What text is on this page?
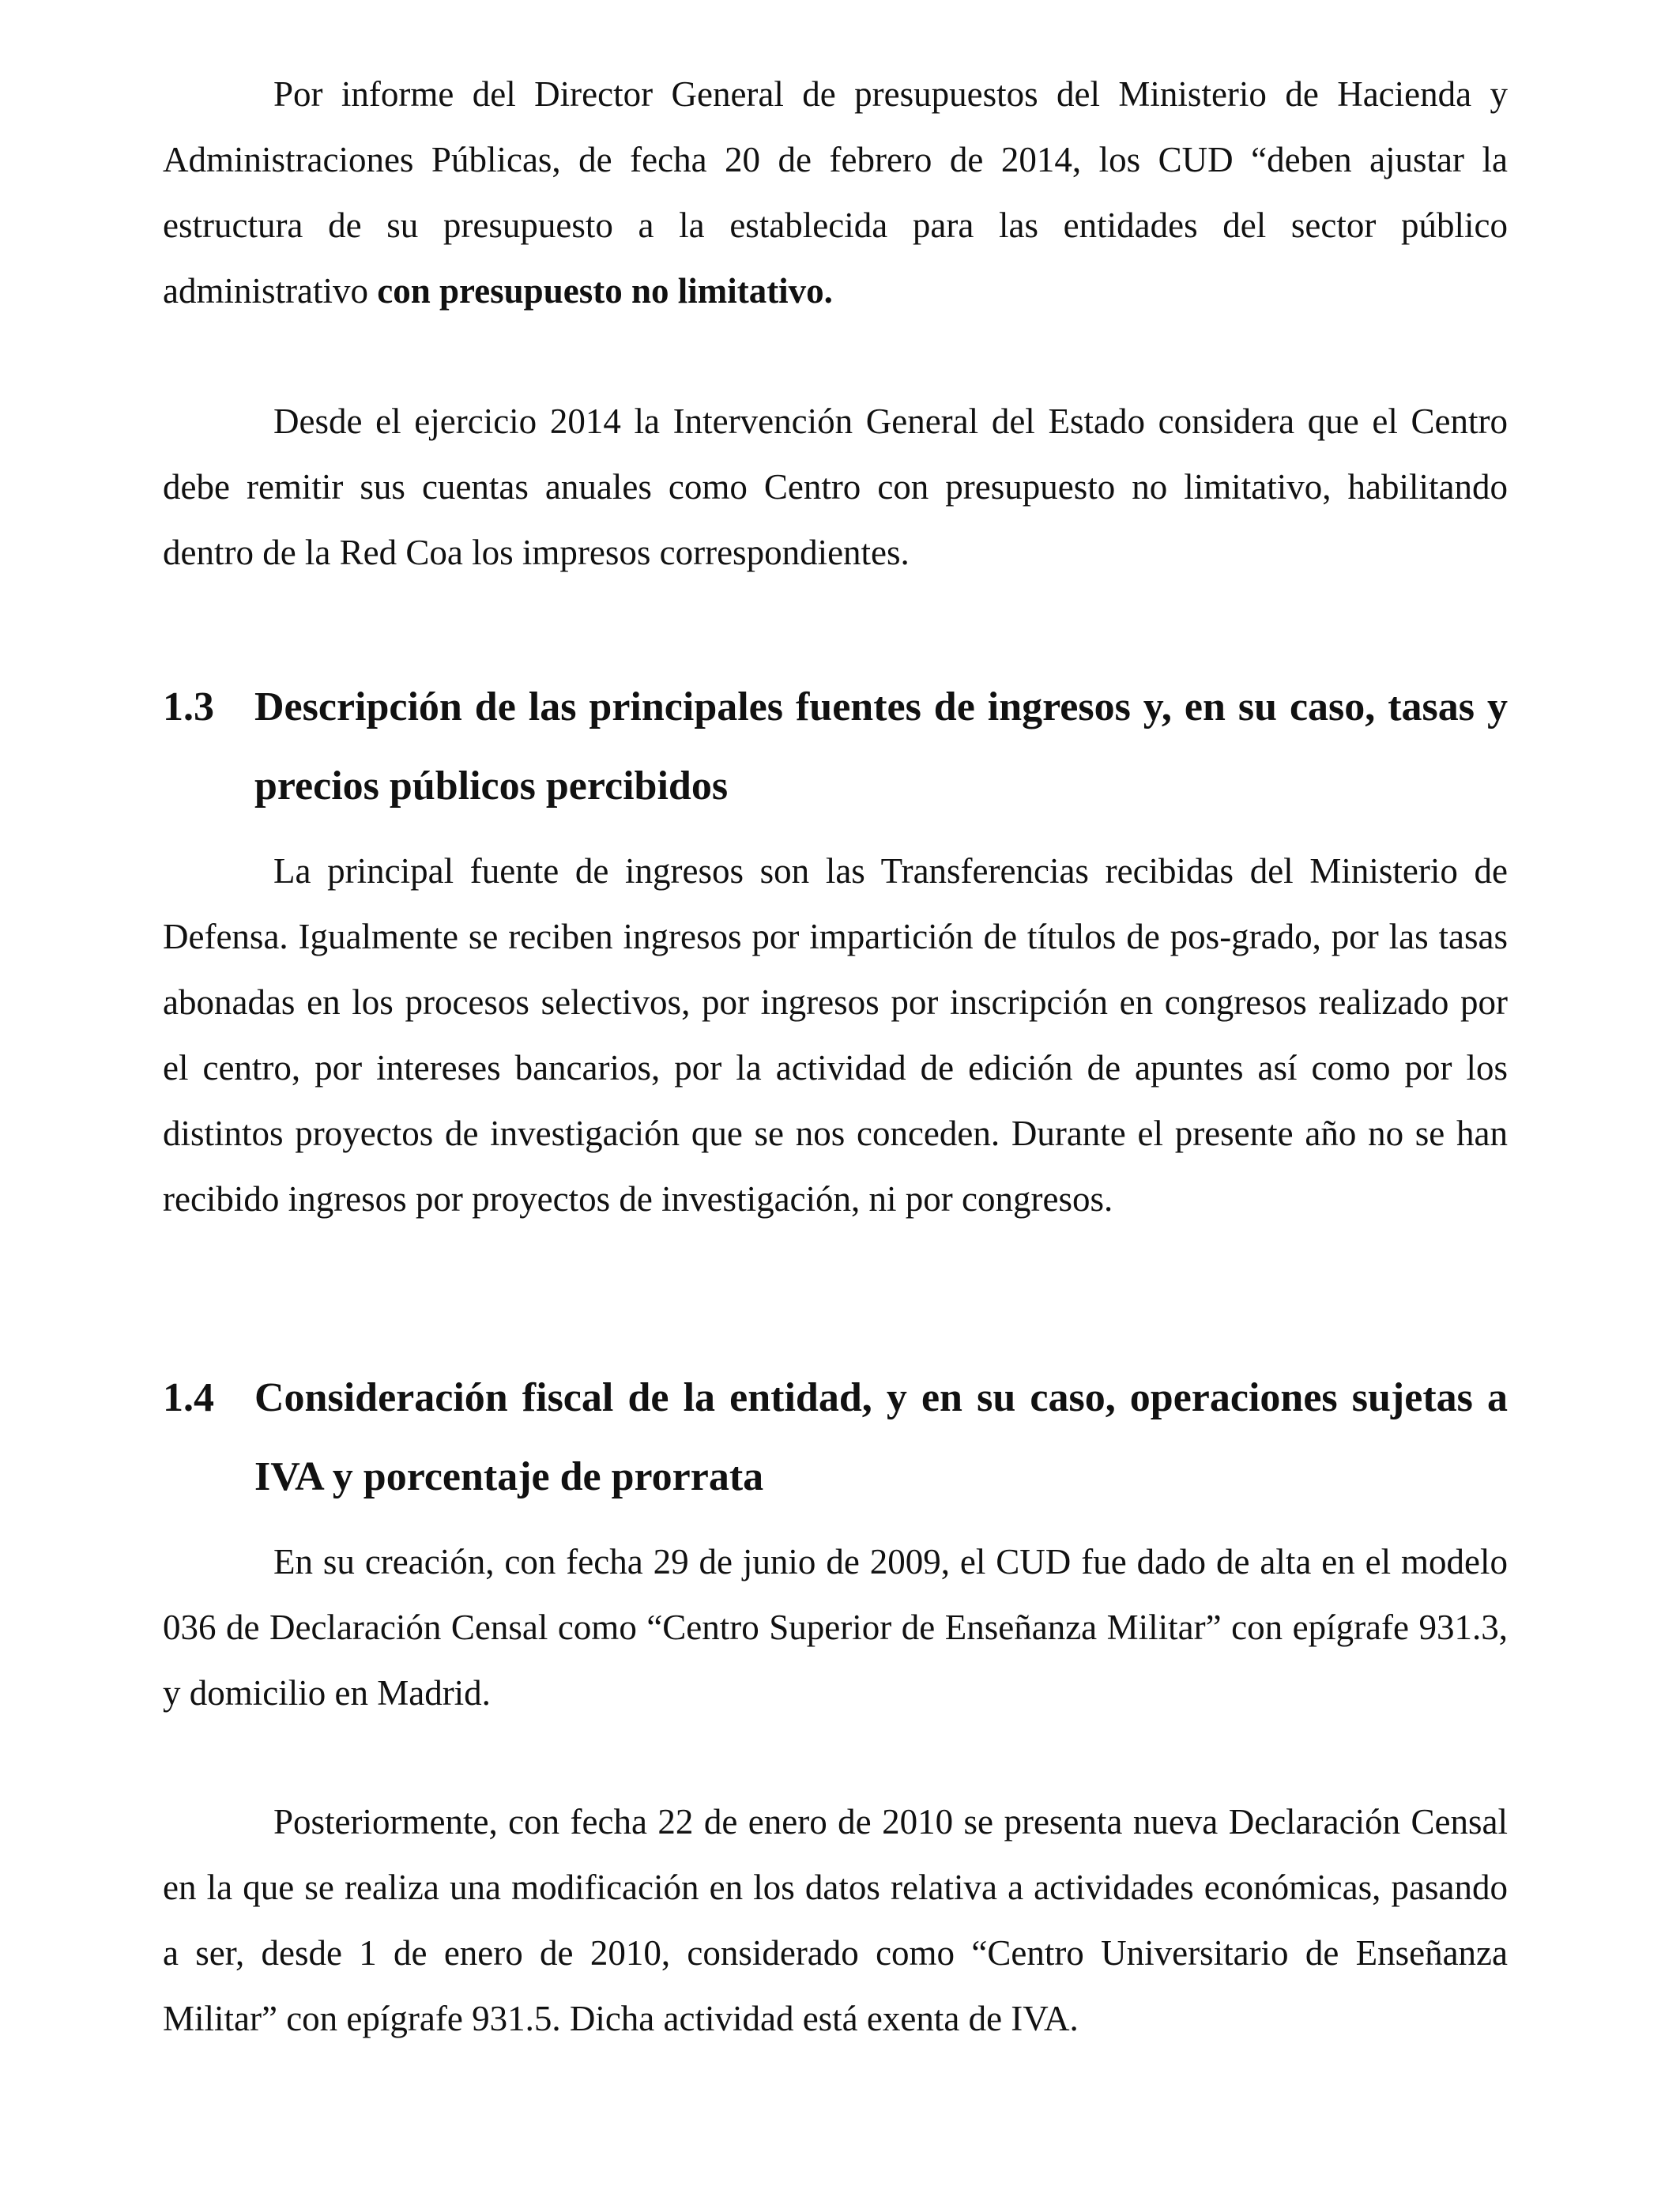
Por informe del Director General de presupuestos del Ministerio de Hacienda y Administraciones Públicas, de fecha 20 de febrero de 2014, los CUD “deben ajustar la estructura de su presupuesto a la establecida para las entidades del sector público administrativo con presupuesto no limitativo.

Desde el ejercicio 2014 la Intervención General del Estado considera que el Centro debe remitir sus cuentas anuales como Centro con presupuesto no limitativo, habilitando dentro de la Red Coa los impresos correspondientes.

1.3 Descripción de las principales fuentes de ingresos y, en su caso, tasas y precios públicos percibidos

La principal fuente de ingresos son las Transferencias recibidas del Ministerio de Defensa. Igualmente se reciben ingresos por impartición de títulos de pos-grado, por las tasas abonadas en los procesos selectivos, por ingresos por inscripción en congresos realizado por el centro, por intereses bancarios, por la actividad de edición de apuntes así como por los distintos proyectos de investigación que se nos conceden. Durante el presente año no se han recibido ingresos por proyectos de investigación, ni por congresos.

1.4 Consideración fiscal de la entidad, y en su caso, operaciones sujetas a IVA y porcentaje de prorrata

En su creación, con fecha 29 de junio de 2009, el CUD fue dado de alta en el modelo 036 de Declaración Censal como “Centro Superior de Enseñanza Militar” con epígrafe 931.3, y domicilio en Madrid.

Posteriormente, con fecha 22 de enero de 2010 se presenta nueva Declaración Censal en la que se realiza una modificación en los datos relativa a actividades económicas, pasando a ser, desde 1 de enero de 2010, considerado como “Centro Universitario de Enseñanza Militar” con epígrafe 931.5. Dicha actividad está exenta de IVA.
